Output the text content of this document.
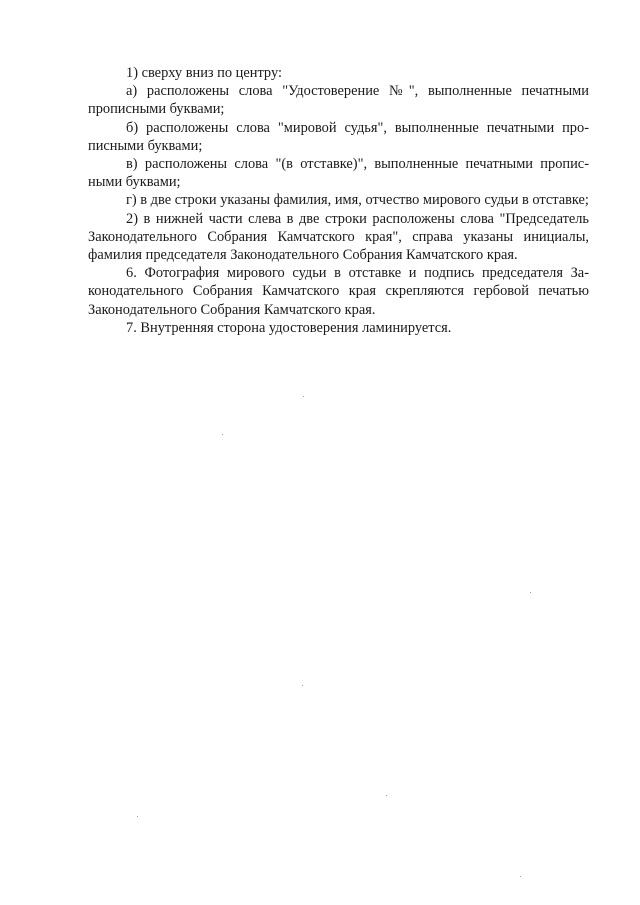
1) сверху вниз по центру:

а) расположены слова "Удостоверение №", выполненные печатными прописными буквами;

б) расположены слова "мировой судья", выполненные печатными прописными буквами;

в) расположены слова "(в отставке)", выполненные печатными прописными буквами;

г) в две строки указаны фамилия, имя, отчество мирового судьи в отставке;

2) в нижней части слева в две строки расположены слова "Председатель Законодательного Собрания Камчатского края", справа указаны инициалы, фамилия председателя Законодательного Собрания Камчатского края.

6. Фотография мирового судьи в отставке и подпись председателя Законодательного Собрания Камчатского края скрепляются гербовой печатью Законодательного Собрания Камчатского края.

7. Внутренняя сторона удостоверения ламинируется.
